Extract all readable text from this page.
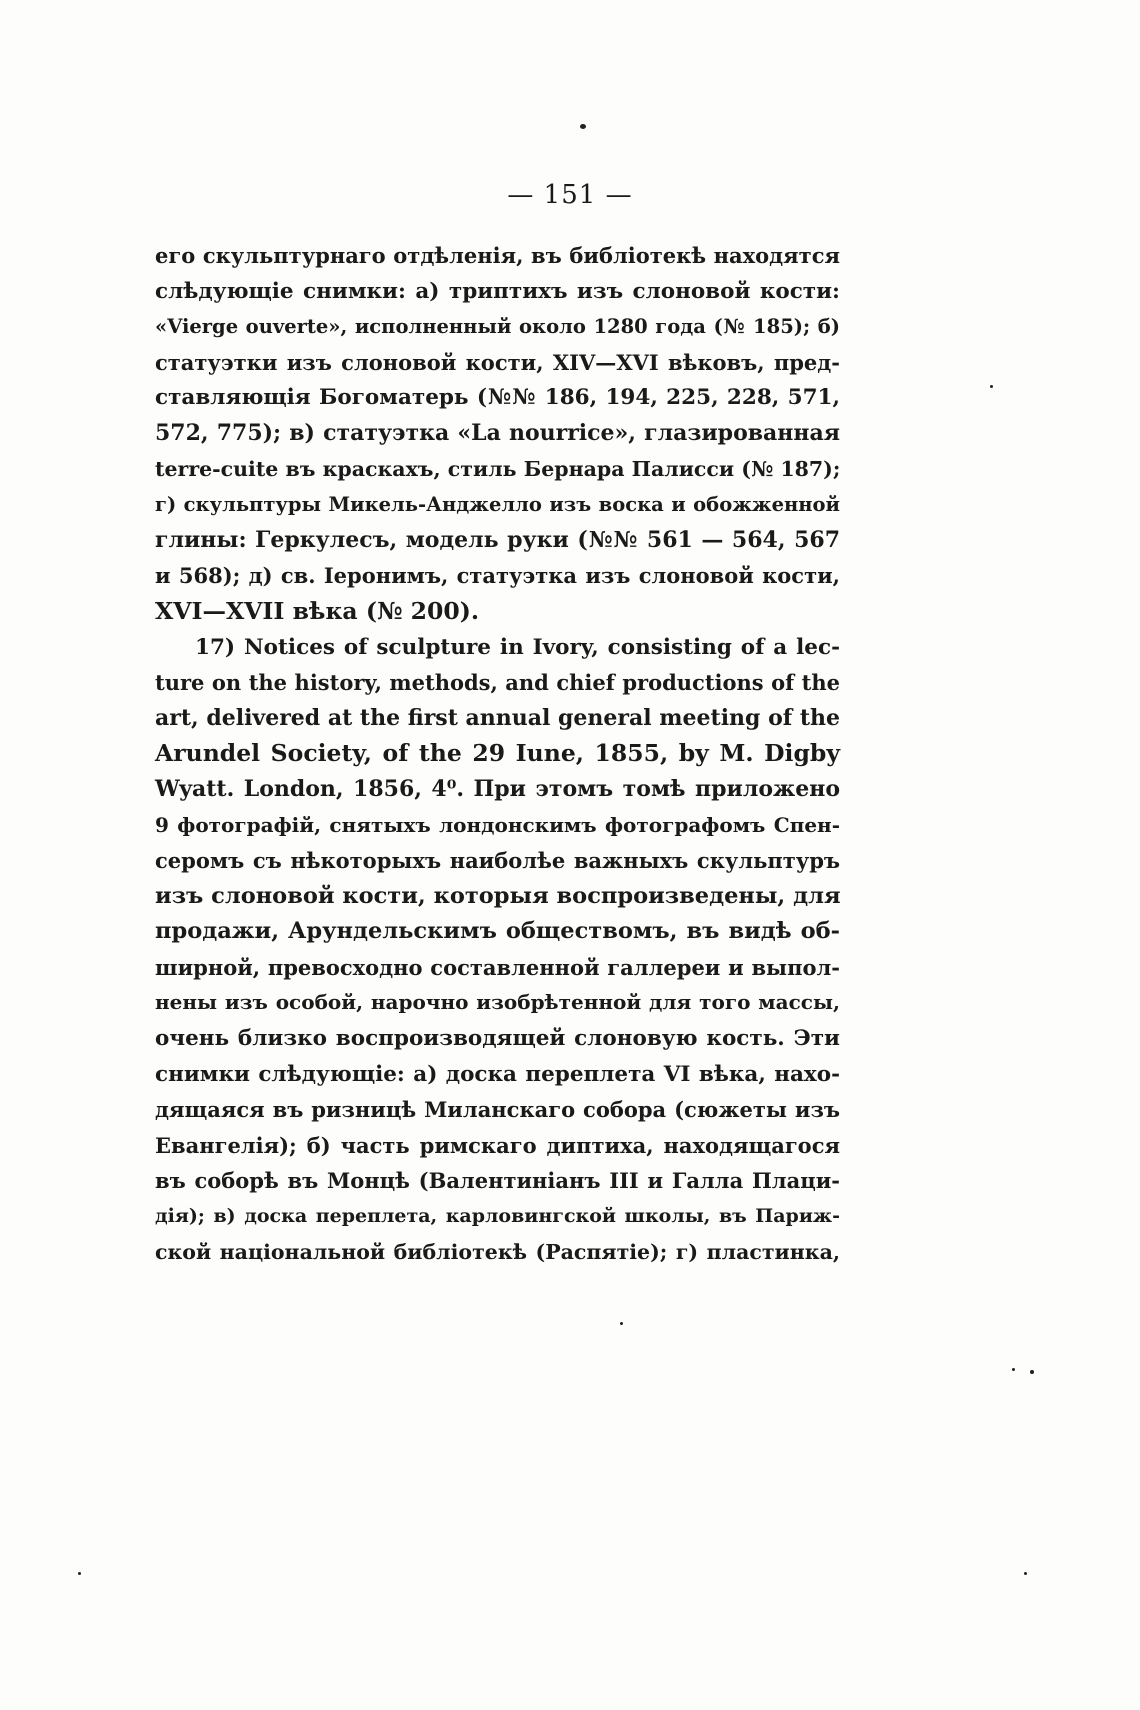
— 151 —
его скульптурнаго отдѣленія, въ библіотекѣ находятся
слѣдующіе снимки: а) триптихъ изъ слоновой кости:
«Vierge ouverte», исполненный около 1280 года (№ 185); б)
статуэтки изъ слоновой кости, XIV—XVI вѣковъ, пред-
ставляющія Богоматерь (№№ 186, 194, 225, 228, 571,
572, 775); в) статуэтка «La nourrice», глазированная
terre-cuite въ краскахъ, стиль Бернара Палисси (№ 187);
г) скульптуры Микель-Анджелло изъ воска и обожженной
глины: Геркулесъ, модель руки (№№ 561 — 564, 567
и 568); д) св. Іеронимъ, статуэтка изъ слоновой кости,
XVI—XVII вѣка (№ 200).
17) Notices of sculpture in Ivory, consisting of a lec-
ture on the history, methods, and chief productions of the
art, delivered at the first annual general meeting of the
Arundel Society, of the 29 Iune, 1855, by M. Digby
Wyatt. London, 1856, 4⁰. При этомъ томѣ приложено
9 фотографій, снятыхъ лондонскимъ фотографомъ Спен-
серомъ съ нѣкоторыхъ наиболѣе важныхъ скульптуръ
изъ слоновой кости, которыя воспроизведены, для
продажи, Арундельскимъ обществомъ, въ видѣ об-
ширной, превосходно составленной галлереи и выпол-
нены изъ особой, нарочно изобрѣтенной для того массы,
очень близко воспроизводящей слоновую кость. Эти
снимки слѣдующіе: а) доска переплета VI вѣка, нахо-
дящаяся въ ризницѣ Миланскаго собора (сюжеты изъ
Евангелія); б) часть римскаго диптиха, находящагося
въ соборѣ въ Монцѣ (Валентиніанъ III и Галла Плаци-
дія); в) доска переплета, карловингской школы, въ Париж-
ской національной библіотекѣ (Распятіе); г) пластинка,
